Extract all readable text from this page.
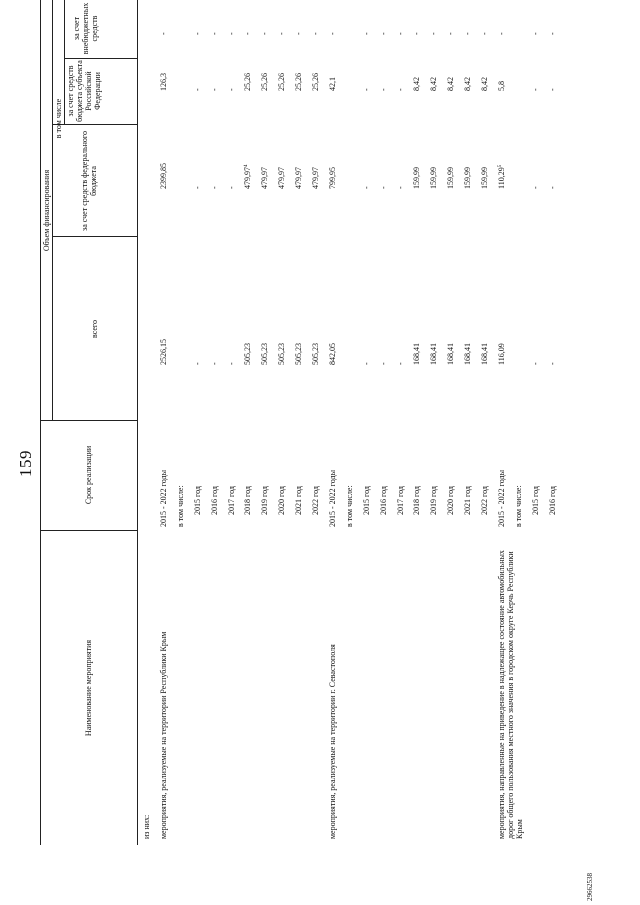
159
Наименование мероприятия
Срок реализации
Объем финансирования
всего
в том числе
за счет средств федерального бюджета
за счет средств бюджета субъекта Российской Федерации
за счет внебюджетных средств
29662538
из них: мероприятия, реализуемые на территории Республики Крым
2015 - 2022 годы
2526,15
2399,85
126,3
-
в том числе: 2015 год
-
-
-
-
2016 год
-
-
-
-
2017 год
-
-
-
-
2018 год
505,23
479,97$^4$
25,26
-
2019 год
505,23
479,97
25,26
-
2020 год
505,23
479,97
25,26
-
2021 год
505,23
479,97
25,26
-
2022 год
505,23
479,97
25,26
-
мероприятия, реализуемые на территории г. Севастополя
2015 - 2022 годы
842,05
799,95
42,1
-
в том числе: 2015 год
-
-
-
-
2016 год
-
-
-
-
2017 год
-
-
-
-
2018 год
168,41
159,99
8,42
-
2019 год
168,41
159,99
8,42
-
2020 год
168,41
159,99
8,42
-
2021 год
168,41
159,99
8,42
-
2022 год
168,41
159,99
8,42
-
мероприятия, направленные на приведение в надлежащее состояние автомобильных дорог общего пользования местного значения в городском округе Керчь Республики Крым
2015 - 2022 годы
116,09
110,29$^5$
5,8
-
в том числе: 2015 год
-
-
-
-
2016 год
-
-
-
-
